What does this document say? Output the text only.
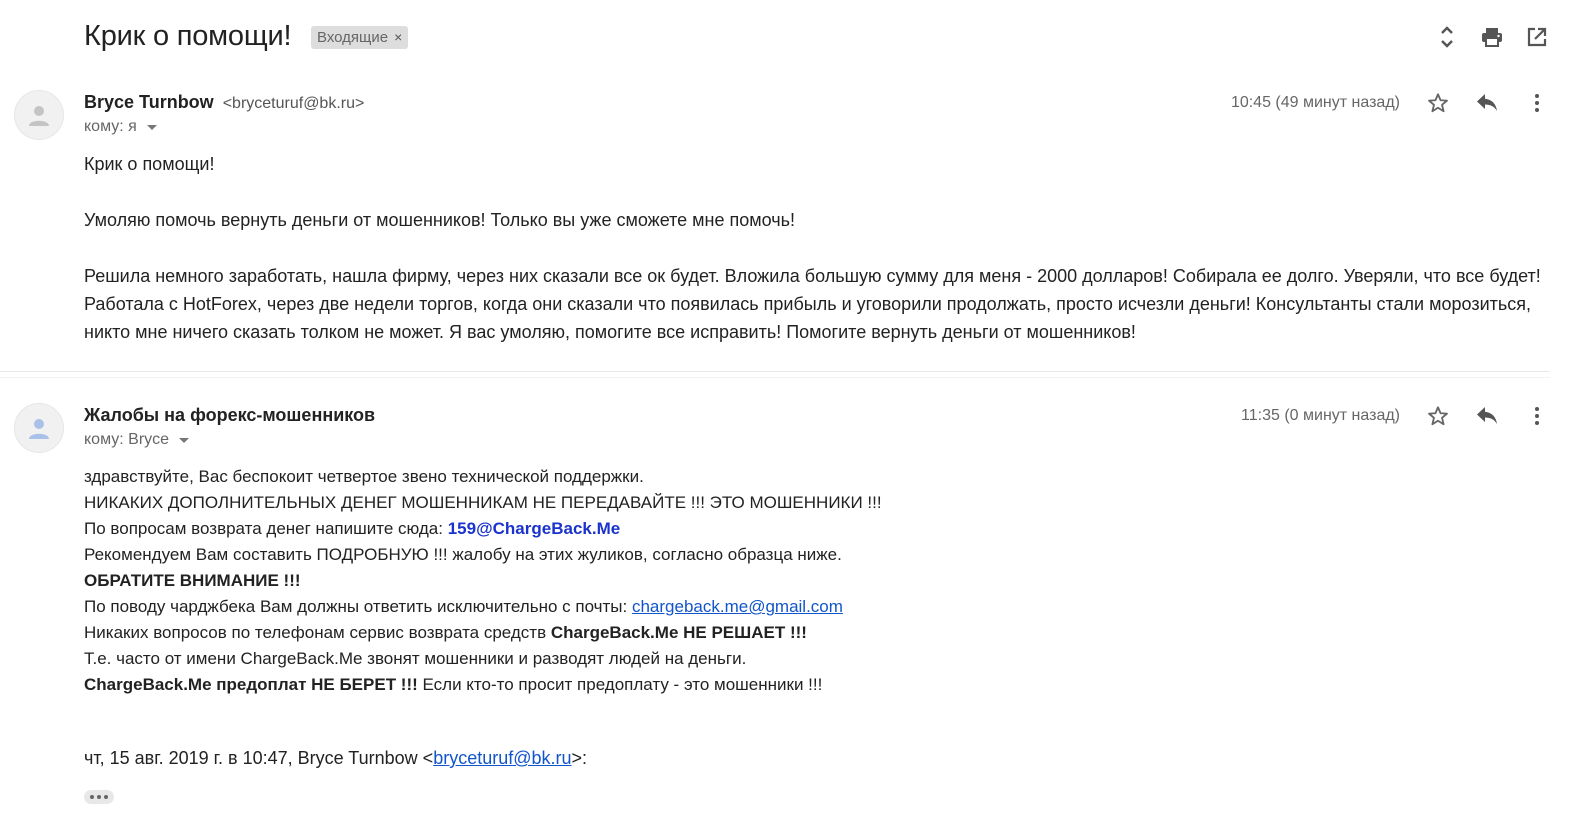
Крик о помощи! Входящие ×
Bryce Turnbow <bryceturuf@bk.ru>
кому: я
10:45 (49 минут назад)

Крик о помощи!

Умоляю помочь вернуть деньги от мошенников! Только вы уже сможете мне помочь!

Решила немного заработать, нашла фирму, через них сказали все ок будет. Вложила большую сумму для меня - 2000 долларов! Собирала ее долго. Уверяли, что все будет! Работала с HotForex, через две недели торгов, когда они сказали что появилась прибыль и уговорили продолжать, просто исчезли деньги! Консультанты стали морозиться, никто мне ничего сказать толком не может. Я вас умоляю, помогите все исправить! Помогите вернуть деньги от мошенников!

Жалобы на форекс-мошенников
кому: Bryce
11:35 (0 минут назад)
здравствуйте, Вас беспокоит четвертое звено технической поддержки.
НИКАКИХ ДОПОЛНИТЕЛЬНЫХ ДЕНЕГ МОШЕННИКАМ НЕ ПЕРЕДАВАЙТЕ !!! ЭТО МОШЕННИКИ !!!
По вопросам возврата денег напишите сюда: 159@ChargeBack.Me
Рекомендуем Вам составить ПОДРОБНУЮ !!! жалобу на этих жуликов, согласно образца ниже.
ОБРАТИТЕ ВНИМАНИЕ !!!
По поводу чарджбека Вам должны ответить исключительно с почты: chargeback.me@gmail.com
Никаких вопросов по телефонам сервис возврата средств ChargeBack.Me НЕ РЕШАЕТ !!!
Т.е. часто от имени ChargeBack.Me звонят мошенники и разводят людей на деньги.
ChargeBack.Me предоплат НЕ БЕРЕТ !!! Если кто-то просит предоплату - это мошенники !!!
чт, 15 авг. 2019 г. в 10:47, Bryce Turnbow <bryceturuf@bk.ru>:
